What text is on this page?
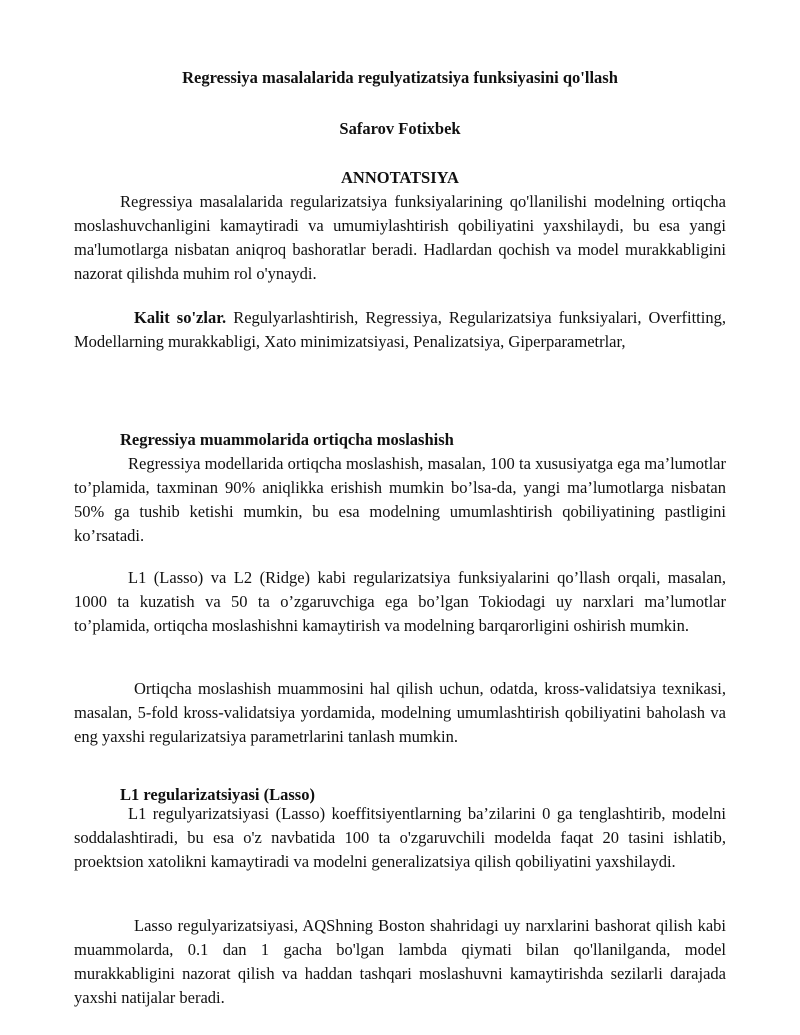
Regressiya masalalarida regulyatizatsiya funksiyasini qo'llash
Safarov Fotixbek
ANNOTATSIYA
Regressiya masalalarida regularizatsiya funksiyalarining qo'llanilishi modelning ortiqcha moslashuvchanligini kamaytiradi va umumiylashtirish qobiliyatini yaxshilaydi, bu esa yangi ma'lumotlarga nisbatan aniqroq bashoratlar beradi. Hadlardan qochish va model murakkabligini nazorat qilishda muhim rol o'ynaydi.
Kalit so'zlar. Regulyarlashtirish, Regressiya, Regularizatsiya funksiyalari, Overfitting, Modellarning murakkabligi, Xato minimizatsiyasi, Penalizatsiya, Giperparametrlar,
Regressiya muammolarida ortiqcha moslashish
Regressiya modellarida ortiqcha moslashish, masalan, 100 ta xususiyatga ega ma’lumotlar to’plamida, taxminan 90% aniqlikka erishish mumkin bo’lsa-da, yangi ma’lumotlarga nisbatan 50% ga tushib ketishi mumkin, bu esa modelning umumlashtirish qobiliyatining pastligini ko’rsatadi.
L1 (Lasso) va L2 (Ridge) kabi regularizatsiya funksiyalarini qo’llash orqali, masalan, 1000 ta kuzatish va 50 ta o’zgaruvchiga ega bo’lgan Tokiodagi uy narxlari ma’lumotlar to’plamida, ortiqcha moslashishni kamaytirish va modelning barqarorligini oshirish mumkin.
Ortiqcha moslashish muammosini hal qilish uchun, odatda, kross-validatsiya texnikasi, masalan, 5-fold kross-validatsiya yordamida, modelning umumlashtirish qobiliyatini baholash va eng yaxshi regularizatsiya parametrlarini tanlash mumkin.
L1 regularizatsiyasi (Lasso)
L1 regulyarizatsiyasi (Lasso) koeffitsiyentlarning ba’zilarini 0 ga tenglashtirib, modelni soddalashtiradi, bu esa o'z navbatida 100 ta o'zgaruvchili modelda faqat 20 tasini ishlatib, proektsion xatolikni kamaytiradi va modelni generalizatsiya qilish qobiliyatini yaxshilaydi.
Lasso regulyarizatsiyasi, AQShning Boston shahridagi uy narxlarini bashorat qilish kabi muammolarda, 0.1 dan 1 gacha bo'lgan lambda qiymati bilan qo'llanilganda, model murakkabligini nazorat qilish va haddan tashqari moslashuvni kamaytirishda sezilarli darajada yaxshi natijalar beradi.
